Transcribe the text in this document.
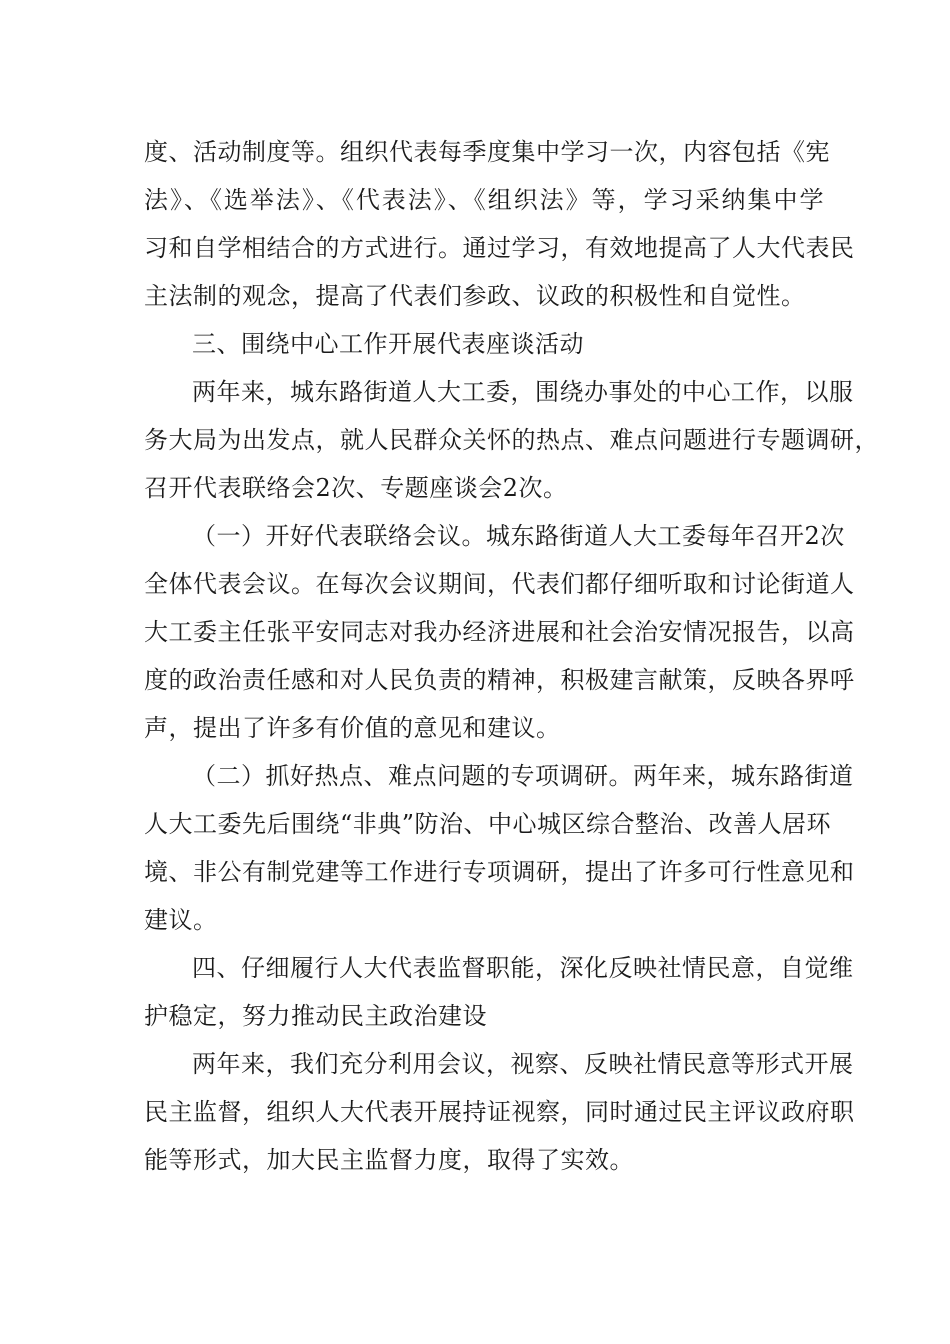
度、活动制度等。组织代表每季度集中学习一次，内容包括《宪
法》、《选举法》、《代表法》、《组织法》等，学习采纳集中学
习和自学相结合的方式进行。通过学习，有效地提高了人大代表民
主法制的观念，提高了代表们参政、议政的积极性和自觉性。
三、围绕中心工作开展代表座谈活动
两年来，城东路街道人大工委，围绕办事处的中心工作，以服
务大局为出发点，就人民群众关怀的热点、难点问题进行专题调研，
召开代表联络会2次、专题座谈会2次。
（一）开好代表联络会议。城东路街道人大工委每年召开2次
全体代表会议。在每次会议期间，代表们都仔细听取和讨论街道人
大工委主任张平安同志对我办经济进展和社会治安情况报告，以高
度的政治责任感和对人民负责的精神，积极建言献策，反映各界呼
声，提出了许多有价值的意见和建议。
（二）抓好热点、难点问题的专项调研。两年来，城东路街道
人大工委先后围绕“非典”防治、中心城区综合整治、改善人居环
境、非公有制党建等工作进行专项调研，提出了许多可行性意见和
建议。
四、仔细履行人大代表监督职能，深化反映社情民意，自觉维
护稳定，努力推动民主政治建设
两年来，我们充分利用会议，视察、反映社情民意等形式开展
民主监督，组织人大代表开展持证视察，同时通过民主评议政府职
能等形式，加大民主监督力度，取得了实效。
